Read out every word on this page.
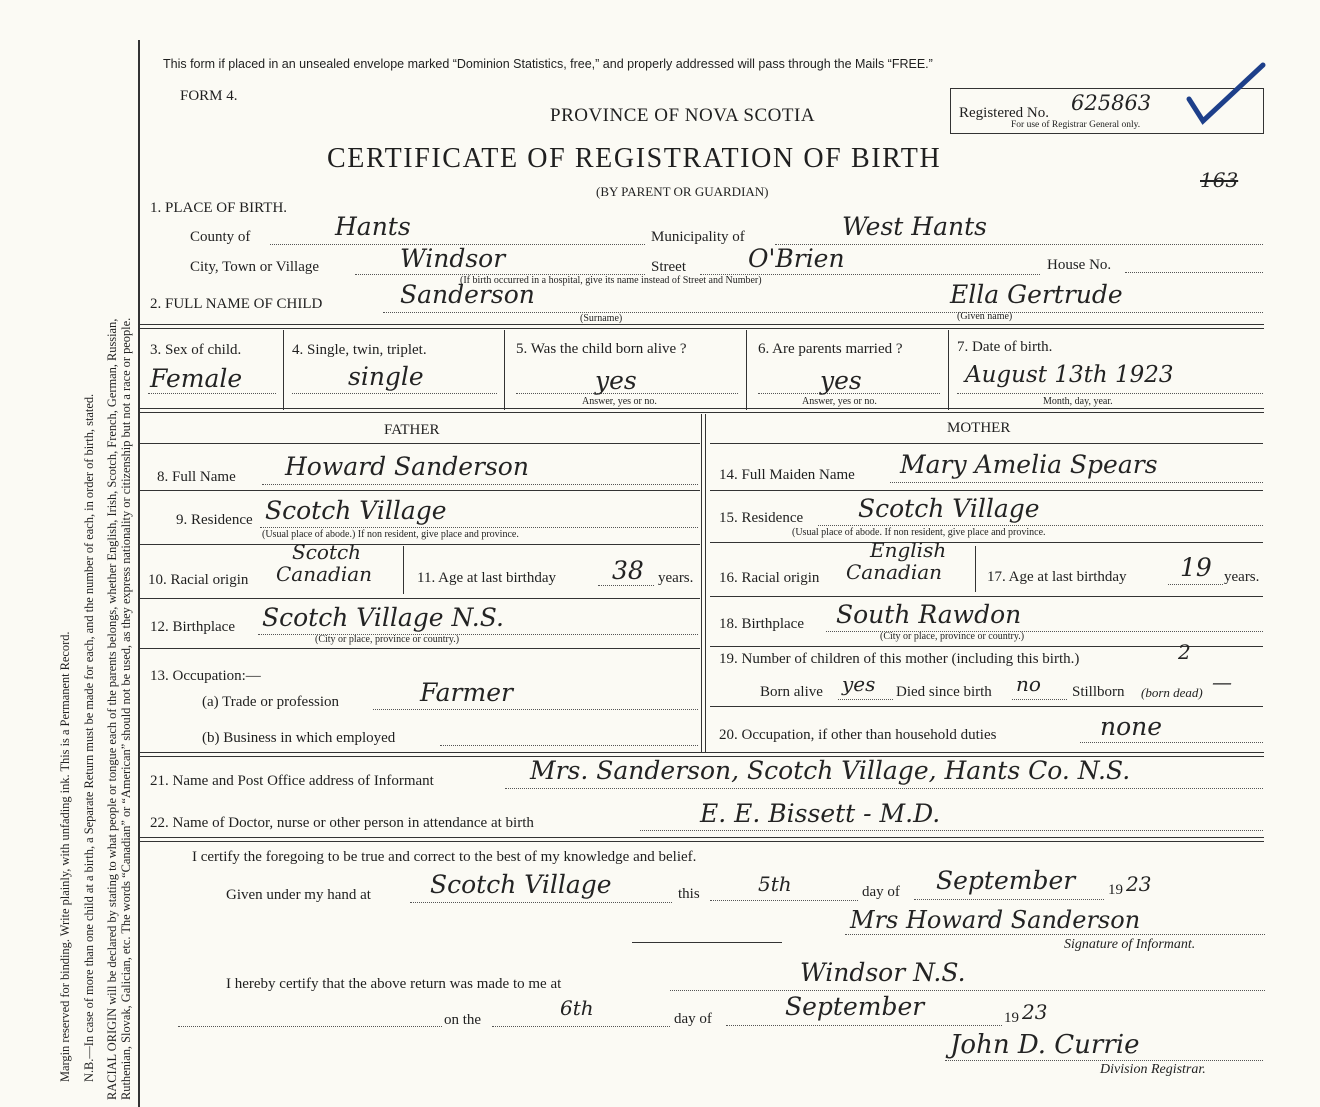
Margin reserved for binding. Write plainly, with unfading ink. This is a Permanent Record. N.B.—In case of more than one child at a birth, a Separate Return must be made for each, and the number of each, in order of birth, stated. RACIAL ORIGIN will be declared by stating to what people or tongue each of the parents belongs, whether English, Irish, Scotch, French, German, Russian, Ruthenian, Slovak, Galician, etc. The words “Canadian” or “American” should not be used, as they express nationality or citizenship but not a race or people.
This form if placed in an unsealed envelope marked “Dominion Statistics, free,” and properly addressed will pass through the Mails “FREE.”
FORM 4.
PROVINCE OF NOVA SCOTIA
CERTIFICATE OF REGISTRATION OF BIRTH
(BY PARENT OR GUARDIAN)
Registered No. 625863
For use of Registrar General only.
163
1. PLACE OF BIRTH.
County of	Hants	Municipality of	West Hants
City, Town or Village	Windsor	Street O'Brien
(If birth occurred in a hospital, give its name instead of Street and Number)
House No.
2. FULL NAME OF CHILD	Sanderson
(Surname)
Ella Gertrude
(Given name)
3. Sex of child.
Female
4. Single, twin, triplet.
single
5. Was the child born alive ?
yes
Answer, yes or no.
6. Are parents married ?
yes
Answer, yes or no.
7. Date of birth.
August 13th 1923
Month, day, year.
FATHER	MOTHER
8. Full Name Howard Sanderson	14. Full Maiden Name Mary Amelia Spears
9. Residence Scotch Village
(Usual place of abode.) If non resident, give place and province.
15. Residence Scotch Village
(Usual place of abode. If non resident, give place and province.
10. Racial origin
Scotch
Canadian	11. Age at last birthday 38 years. 16. Racial origin
English
Canadian	17. Age at last birthday 19 years.
12. Birthplace Scotch Village N.S.
(City or place, province or country.)
18. Birthplace South Rawdon
(City or place, province or country.)
13. Occupation:—
(a) Trade or profession	Farmer
(b) Business in which employed
19. Number of children of this mother (including this birth.)	2
Born alive yes Died since birth no Stillborn (born dead) —
20. Occupation, if other than household duties	none
21. Name and Post Office address of Informant	Mrs. Sanderson, Scotch Village, Hants Co. N.S.
22. Name of Doctor, nurse or other person in attendance at birth	E. E. Bissett - M.D.
I certify the foregoing to be true and correct to the best of my knowledge and belief.
Given under my hand at Scotch Village	this	5th	day of September 19 23
Mrs Howard Sanderson
Signature of Informant.
I hereby certify that the above return was made to me at	Windsor N.S.
on the	6th	day of	September	19 23
John D. Currie
Division Registrar.
